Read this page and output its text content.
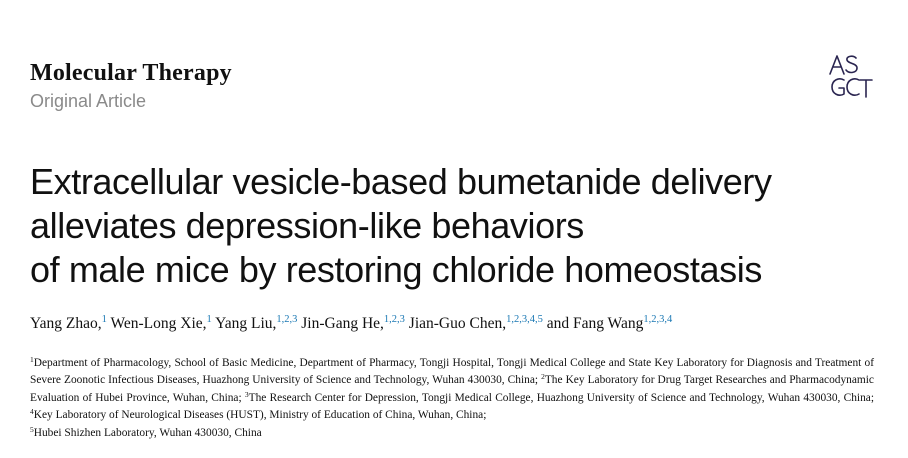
Molecular Therapy
Original Article
Extracellular vesicle-based bumetanide delivery
alleviates depression-like behaviors
of male mice by restoring chloride homeostasis
Yang Zhao,$^1$ Wen-Long Xie,$^1$ Yang Liu,$^{1,2,3}$ Jin-Gang He,$^{1,2,3}$ Jian-Guo Chen,$^{1,2,3,4,5}$ and Fang Wang$^{1,2,3,4}$
$^1$Department of Pharmacology, School of Basic Medicine, Department of Pharmacy, Tongji Hospital, Tongji Medical College and State Key Laboratory for Diagnosis and Treatment of Severe Zoonotic Infectious Diseases, Huazhong University of Science and Technology, Wuhan 430030, China; $^2$The Key Laboratory for Drug Target Researches and Pharmacodynamic Evaluation of Hubei Province, Wuhan, China; $^3$The Research Center for Depression, Tongji Medical College, Huazhong University of Science and Technology, Wuhan 430030, China; $^4$Key Laboratory of Neurological Diseases (HUST), Ministry of Education of China, Wuhan, China;
$^5$Hubei Shizhen Laboratory, Wuhan 430030, China
